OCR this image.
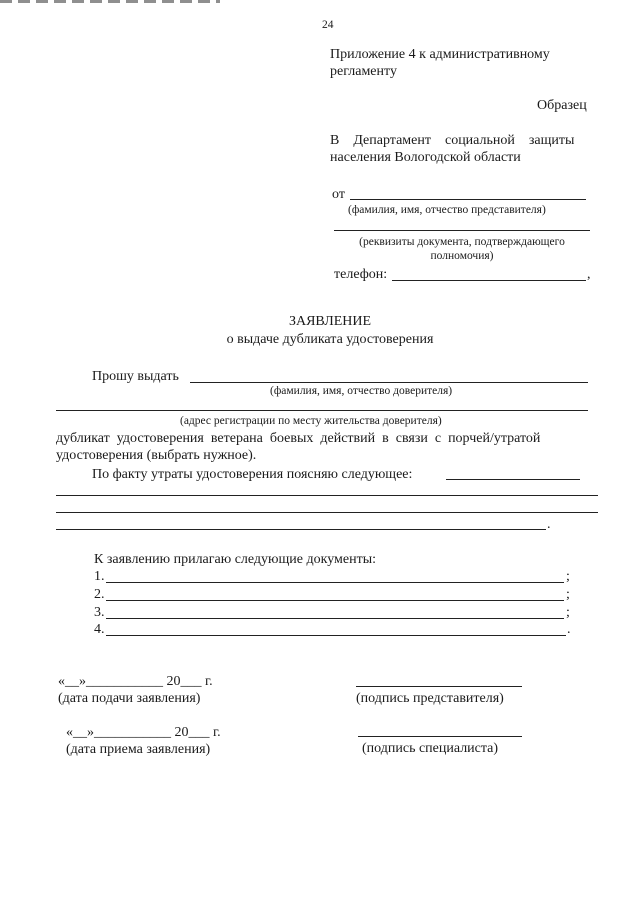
24
Приложение 4 к административному
регламенту
Образец
В    Департамент    социальной    защиты
населения Вологодской области
от
(фамилия, имя, отчество представителя)
(реквизиты документа, подтверждающего
полномочия)
телефон:	,
ЗАЯВЛЕНИЕ
о выдаче дубликата удостоверения
Прошу выдать
(фамилия, имя, отчество доверителя)
(адрес регистрации по месту жительства доверителя)
дубликат  удостоверения  ветерана  боевых  действий  в  связи  с  порчей/утратой
удостоверения (выбрать нужное).
По факту утраты удостоверения поясняю следующее:
.
К заявлению прилагаю следующие документы:
1.	;
2.	;
3.	;
4.	.
«__»___________ 20___ г.
(дата подачи заявления)	(подпись представителя)
«__»___________ 20___ г.
(дата приема заявления)	(подпись специалиста)
